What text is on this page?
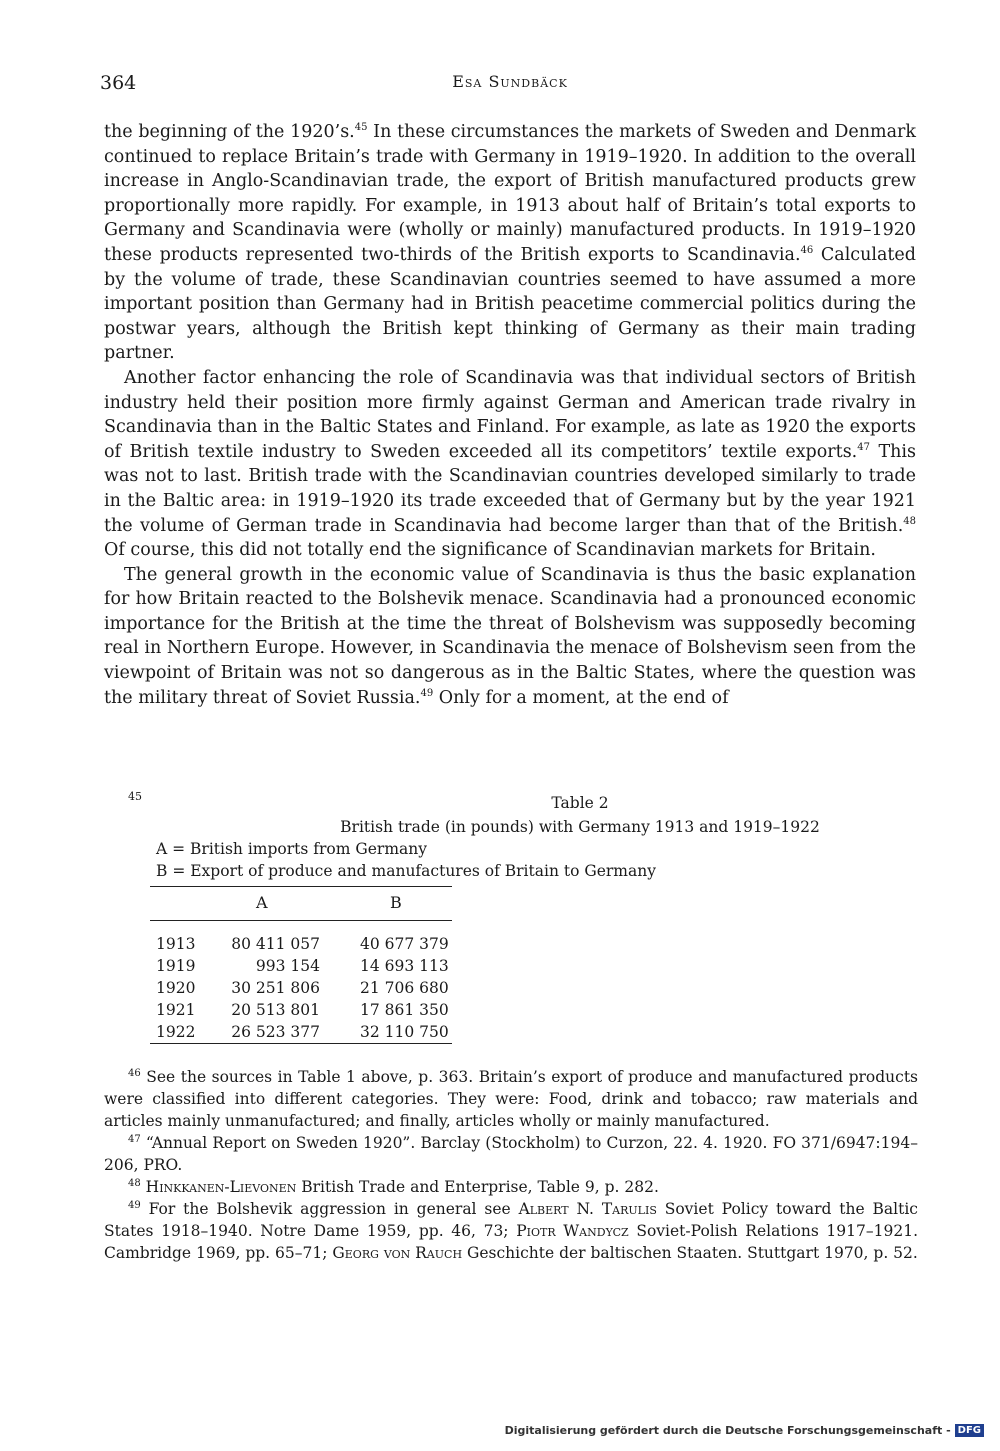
364	Esa Sundbäck

the beginning of the 1920’s.$^{45}$ In these circumstances the markets of Sweden and Denmark continued to replace Britain’s trade with Germany in 1919–1920. In addition to the overall increase in Anglo-Scandinavian trade, the export of British manufactured products grew proportionally more rapidly. For example, in 1913 about half of Britain’s total exports to Germany and Scandinavia were (wholly or mainly) manufactured products. In 1919–1920 these products represented two-thirds of the British exports to Scandinavia.$^{46}$ Calculated by the volume of trade, these Scandinavian countries seemed to have assumed a more important position than Germany had in British peacetime commercial politics during the postwar years, although the British kept thinking of Germany as their main trading partner.

Another factor enhancing the role of Scandinavia was that individual sectors of British industry held their position more firmly against German and American trade rivalry in Scandinavia than in the Baltic States and Finland. For example, as late as 1920 the exports of British textile industry to Sweden exceeded all its competitors’ textile exports.$^{47}$ This was not to last. British trade with the Scandinavian countries developed similarly to trade in the Baltic area: in 1919–1920 its trade exceeded that of Germany but by the year 1921 the volume of German trade in Scandinavia had become larger than that of the British.$^{48}$ Of course, this did not totally end the significance of Scandinavian markets for Britain.

The general growth in the economic value of Scandinavia is thus the basic explanation for how Britain reacted to the Bolshevik menace. Scandinavia had a pronounced economic importance for the British at the time the threat of Bolshevism was supposedly becoming real in Northern Europe. However, in Scandinavia the menace of Bolshevism seen from the viewpoint of Britain was not so dangerous as in the Baltic States, where the question was the military threat of Soviet Russia.$^{49}$ Only for a moment, at the end of

45	Table 2
British trade (in pounds) with Germany 1913 and 1919–1922
A = British imports from Germany
B = Export of produce and manufactures of Britain to Germany
	A	B
1913	80 411 057	40 677 379
1919	993 154	14 693 113
1920	30 251 806	21 706 680
1921	20 513 801	17 861 350
1922	26 523 377	32 110 750

$^{46}$ See the sources in Table 1 above, p. 363. Britain’s export of produce and manufactured products were classified into different categories. They were: Food, drink and tobacco; raw materials and articles mainly unmanufactured; and finally, articles wholly or mainly manufactured.

$^{47}$ “Annual Report on Sweden 1920”. Barclay (Stockholm) to Curzon, 22. 4. 1920. FO 371/6947:194–206, PRO.

$^{48}$ Hinkkanen-Lievonen British Trade and Enterprise, Table 9, p. 282.

$^{49}$ For the Bolshevik aggression in general see Albert N. Tarulis Soviet Policy toward the Baltic States 1918–1940. Notre Dame 1959, pp. 46, 73; Piotr Wandycz Soviet-Polish Relations 1917–1921. Cambridge 1969, pp. 65–71; Georg von Rauch Geschichte der baltischen Staaten. Stuttgart 1970, p. 52.

Digitalisierung gefördert durch die Deutsche Forschungsgemeinschaft - DFG
